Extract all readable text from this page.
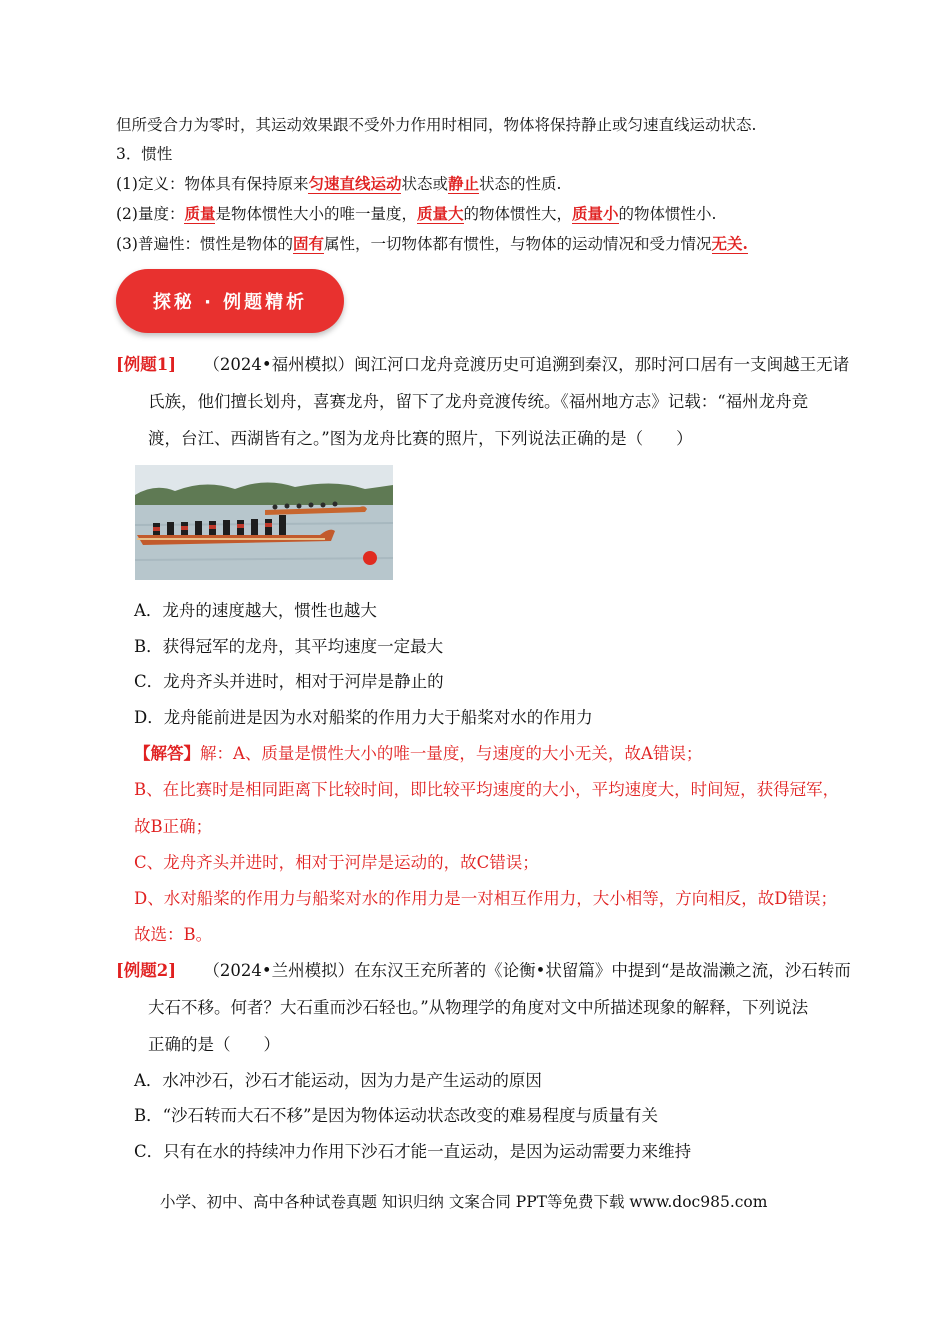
但所受合力为零时，其运动效果跟不受外力作用时相同，物体将保持静止或匀速直线运动状态.
3．惯性
(1)定义：物体具有保持原来匀速直线运动状态或静止状态的性质.
(2)量度：质量是物体惯性大小的唯一量度，质量大的物体惯性大，质量小的物体惯性小.
(3)普遍性：惯性是物体的固有属性，一切物体都有惯性，与物体的运动情况和受力情况无关.
探秘 · 例题精析
[例题1] （2024•福州模拟）闽江河口龙舟竞渡历史可追溯到秦汉，那时河口居有一支闽越王无诸
氏族，他们擅长划舟，喜赛龙舟，留下了龙舟竞渡传统。《福州地方志》记载：“福州龙舟竞
渡，台江、西湖皆有之。”图为龙舟比赛的照片，下列说法正确的是（　　）
A．龙舟的速度越大，惯性也越大
B．获得冠军的龙舟，其平均速度一定最大
C．龙舟齐头并进时，相对于河岸是静止的
D．龙舟能前进是因为水对船桨的作用力大于船桨对水的作用力
【解答】解：A、质量是惯性大小的唯一量度，与速度的大小无关，故A错误；
B、在比赛时是相同距离下比较时间，即比较平均速度的大小，平均速度大，时间短，获得冠军，
故B正确；
C、龙舟齐头并进时，相对于河岸是运动的，故C错误；
D、水对船桨的作用力与船桨对水的作用力是一对相互作用力，大小相等，方向相反，故D错误；
故选：B。
[例题2] （2024•兰州模拟）在东汉王充所著的《论衡•状留篇》中提到“是故湍濑之流，沙石转而
大石不移。何者？大石重而沙石轻也。”从物理学的角度对文中所描述现象的解释，下列说法
正确的是（　　）
A．水冲沙石，沙石才能运动，因为力是产生运动的原因
B．“沙石转而大石不移”是因为物体运动状态改变的难易程度与质量有关
C．只有在水的持续冲力作用下沙石才能一直运动，是因为运动需要力来维持
小学、初中、高中各种试卷真题 知识归纳 文案合同 PPT等免费下载 www.doc985.com
